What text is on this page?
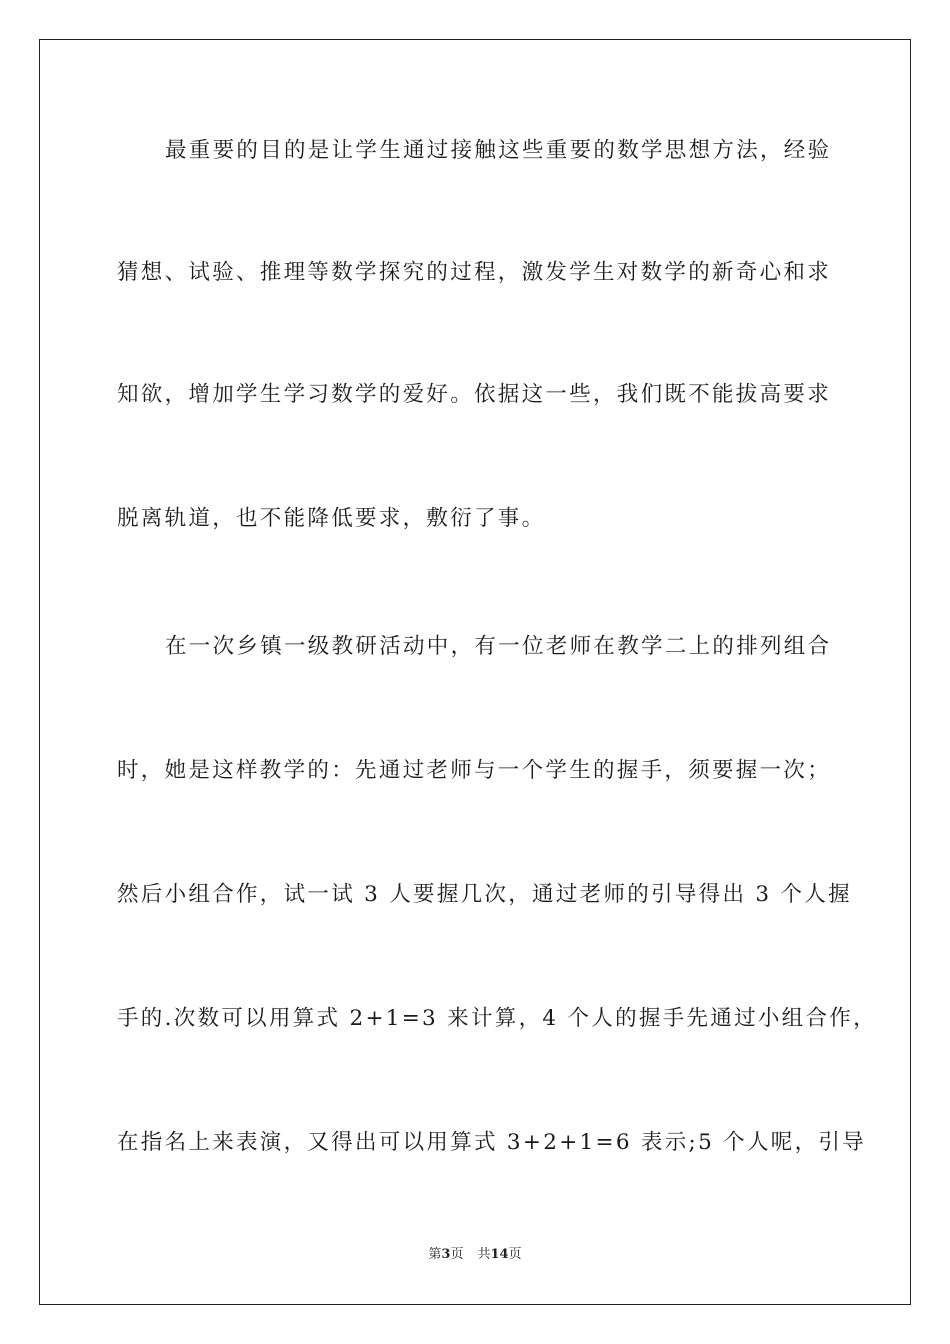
最重要的目的是让学生通过接触这些重要的数学思想方法，经验
猜想、试验、推理等数学探究的过程，激发学生对数学的新奇心和求
知欲，增加学生学习数学的爱好。依据这一些，我们既不能拔高要求
脱离轨道，也不能降低要求，敷衍了事。
在一次乡镇一级教研活动中，有一位老师在教学二上的排列组合
时，她是这样教学的：先通过老师与一个学生的握手，须要握一次；
然后小组合作，试一试 3 人要握几次，通过老师的引导得出 3 个人握
手的.次数可以用算式 2+1=3 来计算，4 个人的握手先通过小组合作，
在指名上来表演，又得出可以用算式 3+2+1=6 表示;5 个人呢，引导
第3页 共14页
